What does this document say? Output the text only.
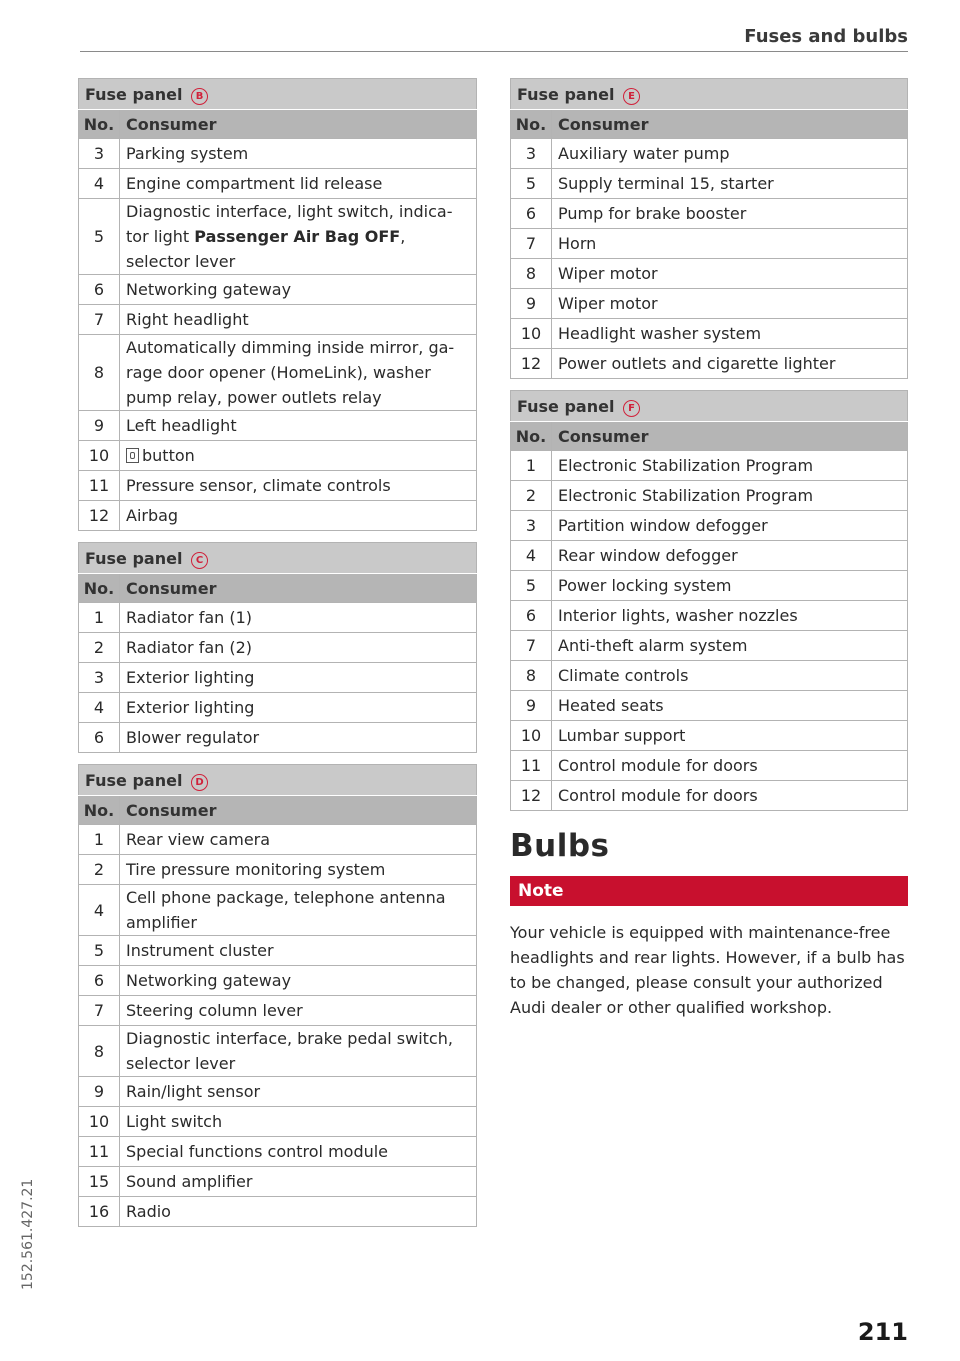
Fuses and bulbs
Fuse panel B	
No.	Consumer
3	Parking system
4	Engine compartment lid release
5	Diagnostic interface, light switch, indica- tor light Passenger Air Bag OFF, selector lever
6	Networking gateway
7	Right headlight
8	Automatically dimming inside mirror, ga- rage door opener (HomeLink), washer pump relay, power outlets relay
9	Left headlight
10	button
11	Pressure sensor, climate controls
12	Airbag
Fuse panel C	
No.	Consumer
1	Radiator fan (1)
2	Radiator fan (2)
3	Exterior lighting
4	Exterior lighting
6	Blower regulator
Fuse panel D	
No.	Consumer
1	Rear view camera
2	Tire pressure monitoring system
4	Cell phone package, telephone antenna amplifier
5	Instrument cluster
6	Networking gateway
7	Steering column lever
8	Diagnostic interface, brake pedal switch, selector lever
9	Rain/light sensor
10	Light switch
11	Special functions control module
15	Sound amplifier
16	Radio
Fuse panel E	
No.	Consumer
3	Auxiliary water pump
5	Supply terminal 15, starter
6	Pump for brake booster
7	Horn
8	Wiper motor
9	Wiper motor
10	Headlight washer system
12	Power outlets and cigarette lighter
Fuse panel F	
No.	Consumer
1	Electronic Stabilization Program
2	Electronic Stabilization Program
3	Partition window defogger
4	Rear window defogger
5	Power locking system
6	Interior lights, washer nozzles
7	Anti-theft alarm system
8	Climate controls
9	Heated seats
10	Lumbar support
11	Control module for doors
12	Control module for doors
Bulbs
Note
Your vehicle is equipped with maintenance-free headlights and rear lights. However, if a bulb has to be changed, please consult your authorized Audi dealer or other qualified workshop.
152.561.427.21
211
